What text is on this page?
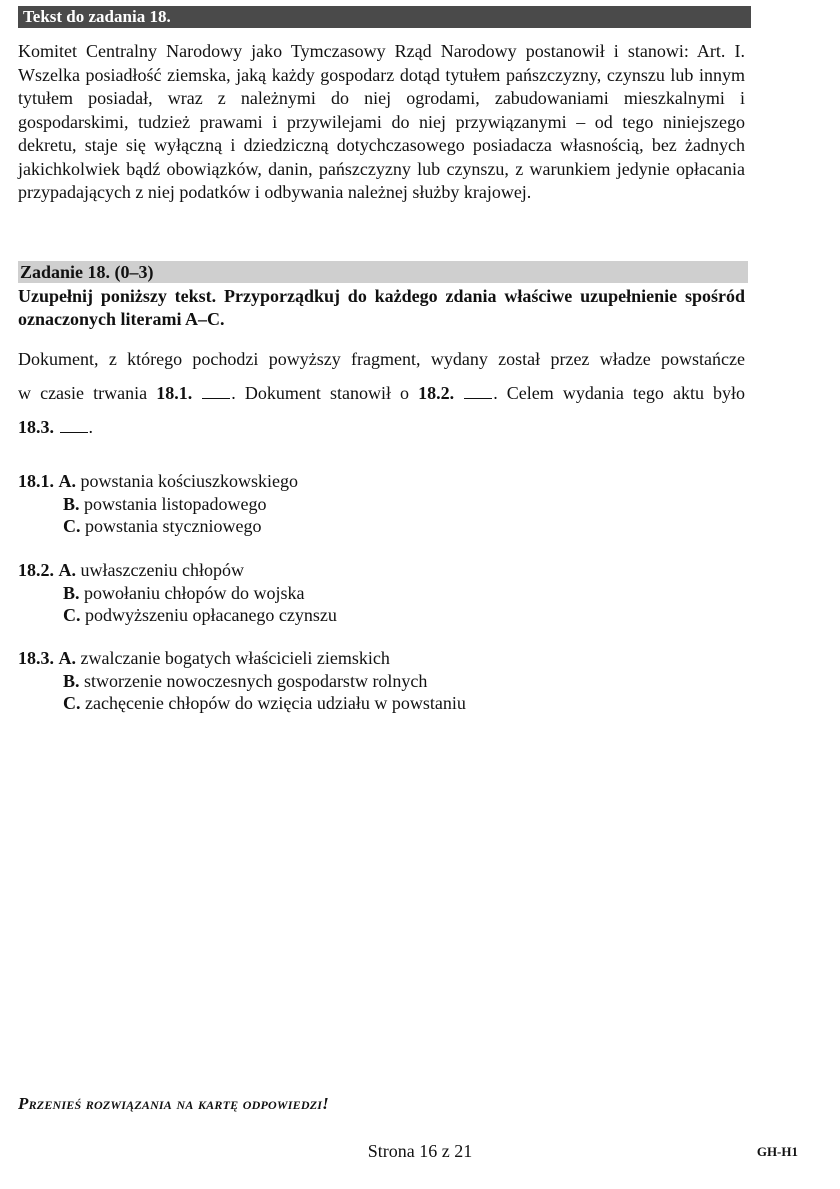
Tekst do zadania 18.

Komitet Centralny Narodowy jako Tymczasowy Rząd Narodowy postanowił i stanowi: Art. I. Wszelka posiadłość ziemska, jaką każdy gospodarz dotąd tytułem pańszczyzny, czynszu lub innym tytułem posiadał, wraz z należnymi do niej ogrodami, zabudowaniami mieszkalnymi i gospodarskimi, tudzież prawami i przywilejami do niej przywiązanymi – od tego niniejszego dekretu, staje się wyłączną i dziedziczną dotychczasowego posiadacza własnością, bez żadnych jakichkolwiek bądź obowiązków, danin, pańszczyzny lub czynszu, z warunkiem jedynie opłacania przypadających z niej podatków i odbywania należnej służby krajowej.

Zadanie 18. (0–3)

Uzupełnij poniższy tekst. Przyporządkuj do każdego zdania właściwe uzupełnienie spośród oznaczonych literami A–C.

Dokument, z którego pochodzi powyższy fragment, wydany został przez władze powstańcze

w czasie trwania 18.1. . Dokument stanowił o 18.2. . Celem wydania tego aktu było

18.3. .

18.1. A. powstania kościuszkowskiego
B. powstania listopadowego
C. powstania styczniowego
18.2. A. uwłaszczeniu chłopów
B. powołaniu chłopów do wojska
C. podwyższeniu opłacanego czynszu
18.3. A. zwalczanie bogatych właścicieli ziemskich
B. stworzenie nowoczesnych gospodarstw rolnych
C. zachęcenie chłopów do wzięcia udziału w powstaniu
Przenieś rozwiązania na kartę odpowiedzi!
Strona 16 z 21	GH-H1
